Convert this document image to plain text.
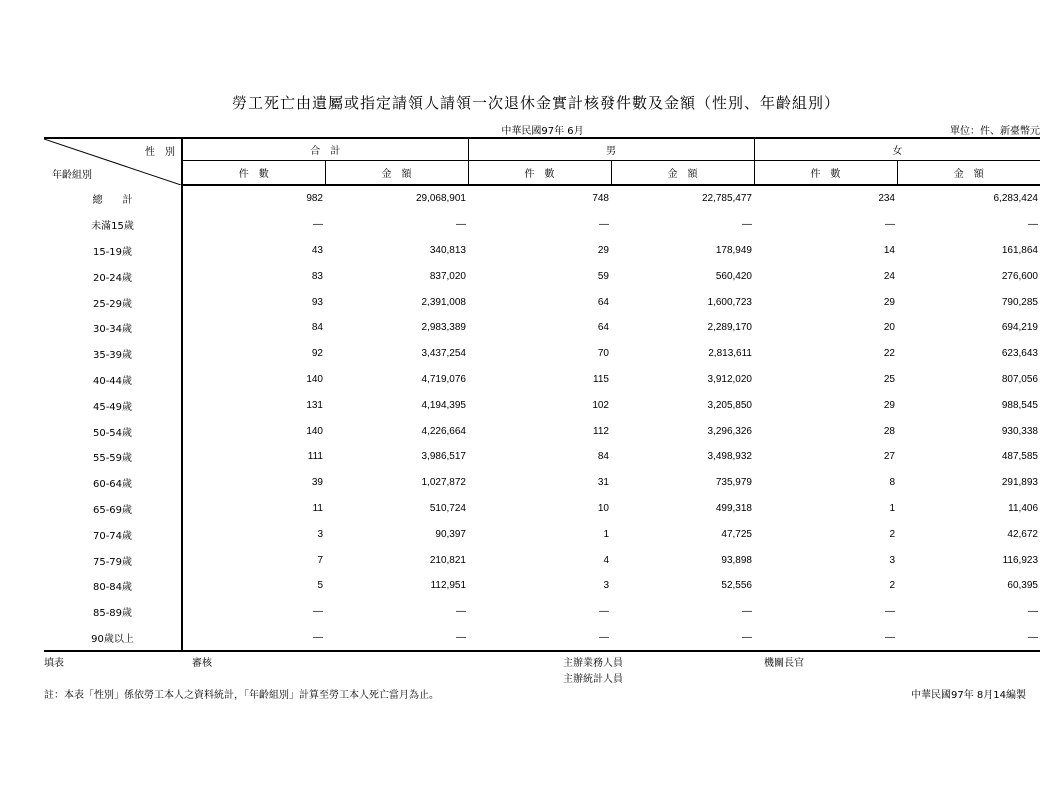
勞工死亡由遺屬或指定請領人請領一次退休金實計核發件數及金額（性別、年齡組別）
中華民國97年 6月	單位：件、新臺幣元
性　別
年齡組別	合　計		男		女	
	件　數	金　額	件　數	金　額	件　數	金　額
總　　計	982	29,068,901	748	22,785,477	234	6,283,424
未滿15歲	—	—	—	—	—	—
15-19歲	43	340,813	29	178,949	14	161,864
20-24歲	83	837,020	59	560,420	24	276,600
25-29歲	93	2,391,008	64	1,600,723	29	790,285
30-34歲	84	2,983,389	64	2,289,170	20	694,219
35-39歲	92	3,437,254	70	2,813,611	22	623,643
40-44歲	140	4,719,076	115	3,912,020	25	807,056
45-49歲	131	4,194,395	102	3,205,850	29	988,545
50-54歲	140	4,226,664	112	3,296,326	28	930,338
55-59歲	111	3,986,517	84	3,498,932	27	487,585
60-64歲	39	1,027,872	31	735,979	8	291,893
65-69歲	11	510,724	10	499,318	1	11,406
70-74歲	3	90,397	1	47,725	2	42,672
75-79歲	7	210,821	4	93,898	3	116,923
80-84歲	5	112,951	3	52,556	2	60,395
85-89歲	—	—	—	—	—	—
90歲以上	—	—	—	—	—	—
填表	審核	主辦業務人員
主辦統計人員
機關長官
註：本表「性別」係依勞工本人之資料統計，「年齡組別」計算至勞工本人死亡當月為止。	中華民國97年 8月14編製
